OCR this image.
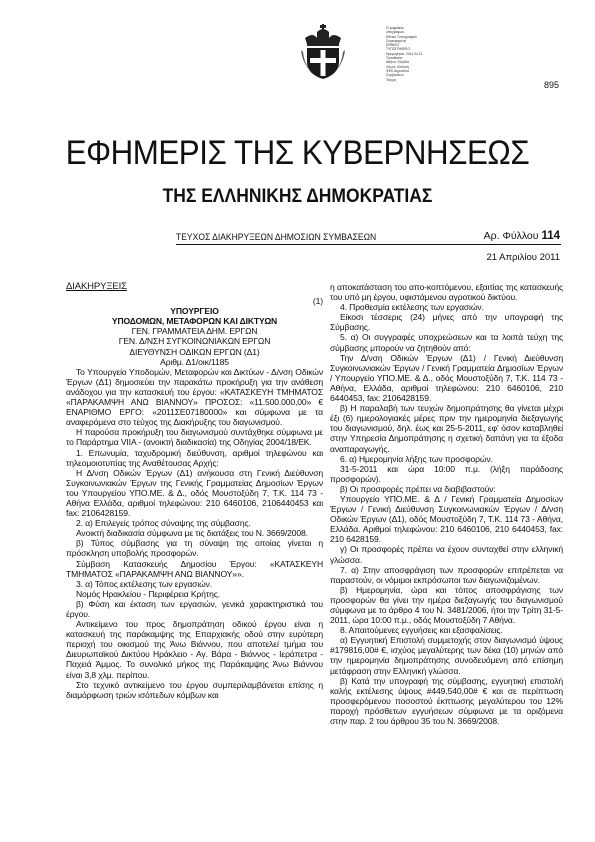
Ο ψηφιακός
υπογράφων
Εθνικό Τυπογραφείο
Συγκεκριμένη
ΕΘΝΙΚΟ
ΤΥΠΟΓΡΑΦΕΙΟ
Ημερομηνία: 2011.04.21
Τοποθεσία:
Αθήνα, Ελλάδα
Λόγος: Εκδοση
ΦΕΚ Δημοσίων
Συμβάσεων
Τεύχος
895
ΕΦΗΜΕΡΙΣ ΤΗΣ ΚΥΒΕΡΝΗΣΕΩΣ
ΤΗΣ ΕΛΛΗΝΙΚΗΣ ΔΗΜΟΚΡΑΤΙΑΣ
ΤΕΥΧΟΣ ΔΙΑΚΗΡΥΞΕΩΝ ΔΗΜΟΣΙΩΝ ΣΥΜΒΑΣΕΩΝ	Αρ. Φύλλου 114
21 Απριλίου 2011

ΔΙΑΚΗΡΥΞΕΙΣ

(1)

ΥΠΟΥΡΓΕΙΟ

ΥΠΟΔΟΜΩΝ, ΜΕΤΑΦΟΡΩΝ ΚΑΙ ΔΙΚΤΥΩΝ

ΓΕΝ. ΓΡΑΜΜΑΤΕΙΑ ΔΗΜ. ΕΡΓΩΝ

ΓΕΝ. Δ/ΝΣΗ ΣΥΓΚΟΙΝΩΝΙΑΚΩΝ ΕΡΓΩΝ

ΔΙΕΥΘΥΝΣΗ ΟΔΙΚΩΝ ΕΡΓΩΝ (Δ1)

Αριθμ. Δ1/οικ/1185

Το Υπουργείο Υποδομών, Μεταφορών και Δικτύων - Δ/νση Οδικών Έργων (Δ1) δημοσιεύει την παρακάτω προκήρυξη για την ανάθεση ανάδοχου για την κατασκευή του έργου: «ΚΑΤΑΣΚΕΥΗ ΤΜΗΜΑΤΟΣ «ΠΑΡΑΚΑΜΨΗ ΑΝΩ ΒΙΑΝΝΟΥ» ΠΡΟΣΟΣ: «11.500.000,00» € ΕΝΑΡΙΘΜΟ ΕΡΓΟ: «2011ΣΕ07180000» και σύμφωνα με τα αναφερόμενα στο τεύχος της Διακήρυξης του διαγωνισμού.

Η παρούσα προκήρυξη του διαγωνισμού συντάχθηκε σύμφωνα με το Παράρτημα VIIA - (ανοικτή διαδικασία) της Οδηγίας 2004/18/ΕΚ.

1. Επωνυμία, ταχυδρομική διεύθυνση, αριθμοί τηλεφώνου και τηλεομοιοτυπίας της Αναθέτουσας Αρχής:

Η Δ/νση Οδικών Έργων (Δ1) ανήκουσα στη Γενική Διεύθυνση Συγκοινωνιακών Έργων της Γενικής Γραμματείας Δημοσίων Έργων του Υπουργείου ΥΠΟ.ΜΕ. & Δ., οδός Μουστοξύδη 7, Τ.Κ. 114 73 - Αθήνα Ελλάδα, αριθμοί τηλεφώνου: 210 6460106, 2106440453 και fax: 2106428159.

2. α) Επιλεγείς τρόπος σύναψης της σύμβασης.

Ανοικτή διαδικασία σύμφωνα με τις διατάξεις του Ν. 3669/2008.

β) Τύπος σύμβασης για τη σύναψη της οποίας γίνεται η πρόσκληση υποβολής προσφορών.

Σύμβαση Κατασκευής Δημοσίου Έργου: «ΚΑΤΑΣΚΕΥΗ ΤΜΗΜΑΤΟΣ «ΠΑΡΑΚΑΜΨΗ ΑΝΩ ΒΙΑΝΝΟΥ»».

3. α) Τόπος εκτέλεσης των εργασιών.

Νομός Ηρακλείου - Περιφέρεια Κρήτης.

β) Φύση και έκταση των εργασιών, γενικά χαρακτηριστικά του έργου.

Αντικείμενο του προς δημοπράτηση οδικού έργου είναι η κατασκευή της παράκαμψης της Επαρχιακής οδού στην ευρύτερη περιοχή του οικισμού της Άνω Βιάννου, που αποτελεί τμήμα του Διευρωπαϊκού Δικτύου Ηράκλειο - Αγ. Βάρα - Βιάννος - Ιεράπετρα - Παχειά Άμμος. Το συνολικό μήκος της Παράκαμψης Άνω Βιάννου είναι 3,8 χλμ. περίπου.

Στο τεχνικό αντικείμενο του έργου συμπεριλαμβάνεται επίσης η διαμόρφωση τριών ισόπεδων κόμβων και

η αποκατάσταση του απο-κοπτόμενου, εξαιτίας της κατασκευής του υπό μη έργου, υφιστάμενου αγροτικού δικτύου.

4. Προθεσμία εκτέλεσης των εργασιών.

Είκοσι τέσσερις (24) μήνες από την υπογραφή της Σύμβασης.

5. α) Οι συγγραφές υποχρεώσεων και τα λοιπά τεύχη της σύμβασης μπορούν να ζητηθούν από:

Την Δ/νση Οδικών Έργων (Δ1) / Γενική Διεύθυνση Συγκοινωνιακών Έργων / Γενική Γραμματεία Δημοσίων Έργων / Υπουργείο ΥΠΟ.ΜΕ. & Δ., οδός Μουστοξύδη 7, Τ.Κ. 114 73 - Αθήνα, Ελλάδα, αριθμοί τηλεφώνου: 210 6460106, 210 6440453, fax: 2106428159.

β) Η παραλαβή των τευχών δημοπράτησης θα γίνεται μέχρι έξι (6) ημερολογιακές μέρες πριν την ημερομηνία διεξαγωγής του διαγωνισμού, δηλ. έως και 25-5-2011, εφ' όσον καταβληθεί στην Υπηρεσία Δημοπράτησης η σχετική δαπάνη για τα έξοδα αναπαραγωγής.

6. α) Ημερομηνία λήξης των προσφορών.

31-5-2011 και ώρα 10:00 π.μ. (λήξη παράδοσης προσφορών).

β) Οι προσφορές πρέπει να διαβιβαστούν:

Υπουργείο ΥΠΟ.ΜΕ. & Δ / Γενική Γραμματεία Δημοσίων Έργων / Γενική Διεύθυνση Συγκοινωνιακών Έργων / Δ/νση Οδικών Έργων (Δ1), οδός Μουστοξύδη 7, Τ.Κ. 114 73 - Αθήνα, Ελλάδα. Αριθμοί τηλεφώνου: 210 6460106, 210 6440453, fax: 210 6428159.

γ) Οι προσφορές πρέπει να έχουν συνταχθεί στην ελληνική γλώσσα.

7. α) Στην αποσφράγιση των προσφορών επιτρέπεται να παραστούν, οι νόμιμοι εκπρόσωποι των διαγωνιζομένων.

β) Ημερομηνία, ώρα και τόπος αποσφράγισης των προσφορών θα γίνει την ημέρα διεξαγωγής του διαγωνισμού σύμφωνα με το άρθρο 4 του Ν. 3481/2006, ήτοι την Τρίτη 31-5-2011, ώρα 10:00 π.μ., οδός Μουστοξύδη 7 Αθήνα.

8. Απαιτούμενες εγγυήσεις και εξασφαλίσεις.

α) Εγγυητική Επιστολή συμμετοχής στον διαγωνισμό ύψους #179816,00# €, ισχύος μεγαλύτερης των δέκα (10) μηνών από την ημερομηνία δημοπράτησης συνοδευόμενη από επίσημη μετάφραση στην Ελληνική γλώσσα.

β) Κατά την υπογραφή της σύμβασης, εγγυητική επιστολή καλής εκτέλεσης ύψους #449.540,00# € και σε περίπτωση προσφερόμενου ποσοστού έκπτωσης μεγαλύτερου του 12% παροχή πρόσθετων εγγυήσεων σύμφωνα με τα οριζόμενα στην παρ. 2 του άρθρου 35 του Ν. 3669/2008.
